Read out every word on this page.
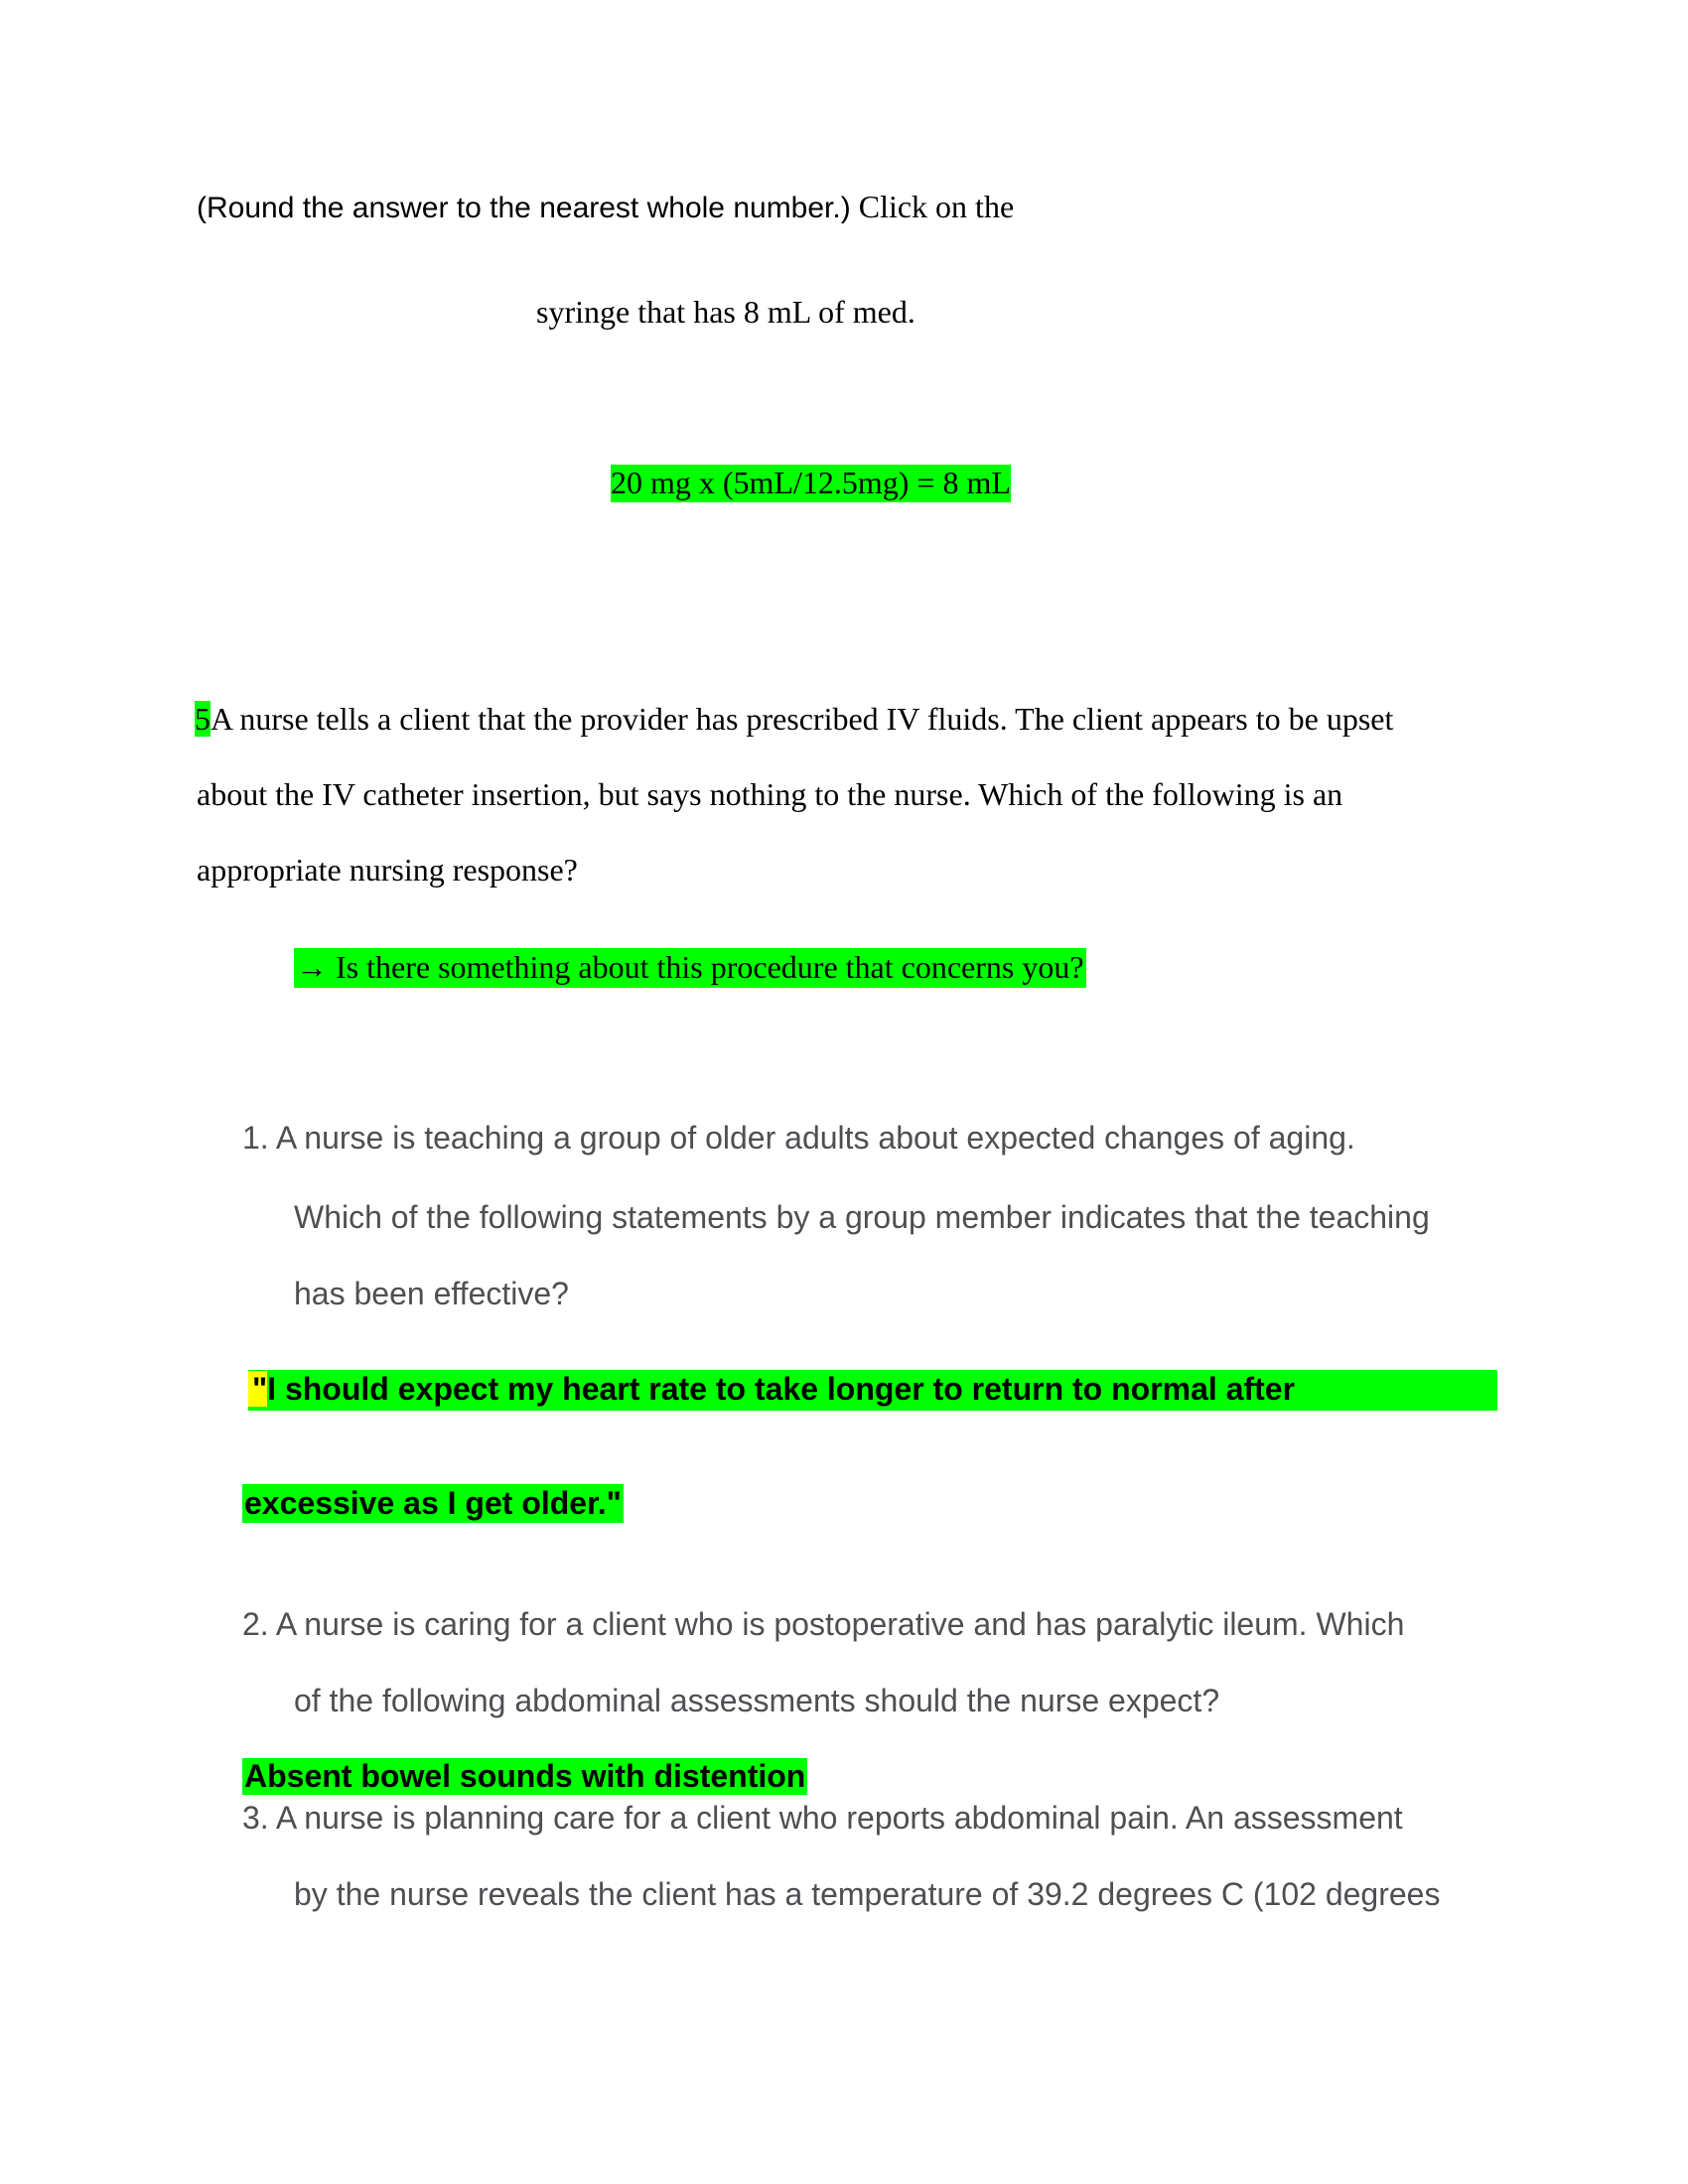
(Round the answer to the nearest whole number.) Click on the
syringe that has 8 mL of med.
20 mg x (5mL/12.5mg) = 8 mL
5A nurse tells a client that the provider has prescribed IV fluids. The client appears to be upset
about the IV catheter insertion, but says nothing to the nurse. Which of the following is an
appropriate nursing response?
→ Is there something about this procedure that concerns you?
1. A nurse is teaching a group of older adults about expected changes of aging.
Which of the following statements by a group member indicates that the teaching
has been effective?
"I should expect my heart rate to take longer to return to normal after
excessive as I get older."
2. A nurse is caring for a client who is postoperative and has paralytic ileum. Which
of the following abdominal assessments should the nurse expect?
Absent bowel sounds with distention
3. A nurse is planning care for a client who reports abdominal pain. An assessment
by the nurse reveals the client has a temperature of 39.2 degrees C (102 degrees
